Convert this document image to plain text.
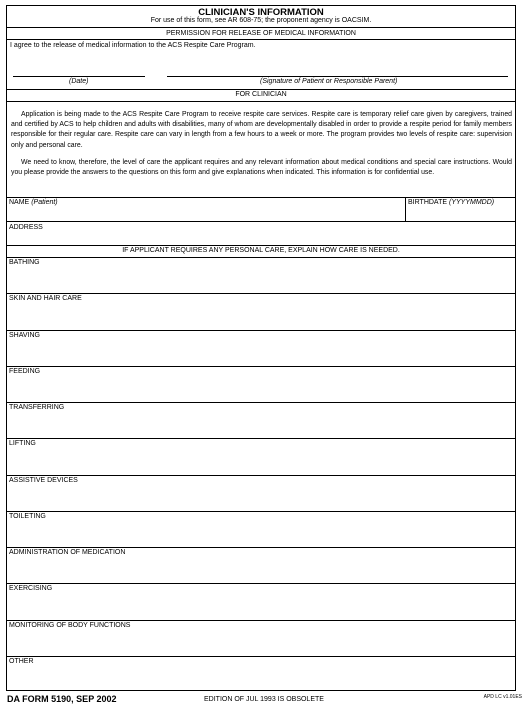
CLINICIAN'S INFORMATION
For use of this form, see AR 608-75; the proponent agency is OACSIM.
PERMISSION FOR RELEASE OF MEDICAL INFORMATION
I agree to the release of medical information to the ACS Respite Care Program.
(Date)	(Signature of Patient or Responsible Parent)
FOR CLINICIAN
Application is being made to the ACS Respite Care Program to receive respite care services. Respite care is temporary relief care given by caregivers, trained and certified by ACS to help children and adults with disabilities, many of whom are developmentally disabled in order to provide a respite period for family members responsible for their regular care. Respite care can vary in length from a few hours to a week or more. The program provides two levels of respite care: supervision only and personal care.
We need to know, therefore, the level of care the applicant requires and any relevant information about medical conditions and special care instructions. Would you please provide the answers to the questions on this form and give explanations when indicated. This information is for confidential use.
NAME (Patient)	BIRTHDATE (YYYYMMDD)
ADDRESS
IF APPLICANT REQUIRES ANY PERSONAL CARE, EXPLAIN HOW CARE IS NEEDED.
BATHING
SKIN AND HAIR CARE
SHAVING
FEEDING
TRANSFERRING
LIFTING
ASSISTIVE DEVICES
TOILETING
ADMINISTRATION OF MEDICATION
EXERCISING
MONITORING OF BODY FUNCTIONS
OTHER
DA FORM 5190, SEP 2002	EDITION OF JUL 1993 IS OBSOLETE	APD LC v1.01ES
